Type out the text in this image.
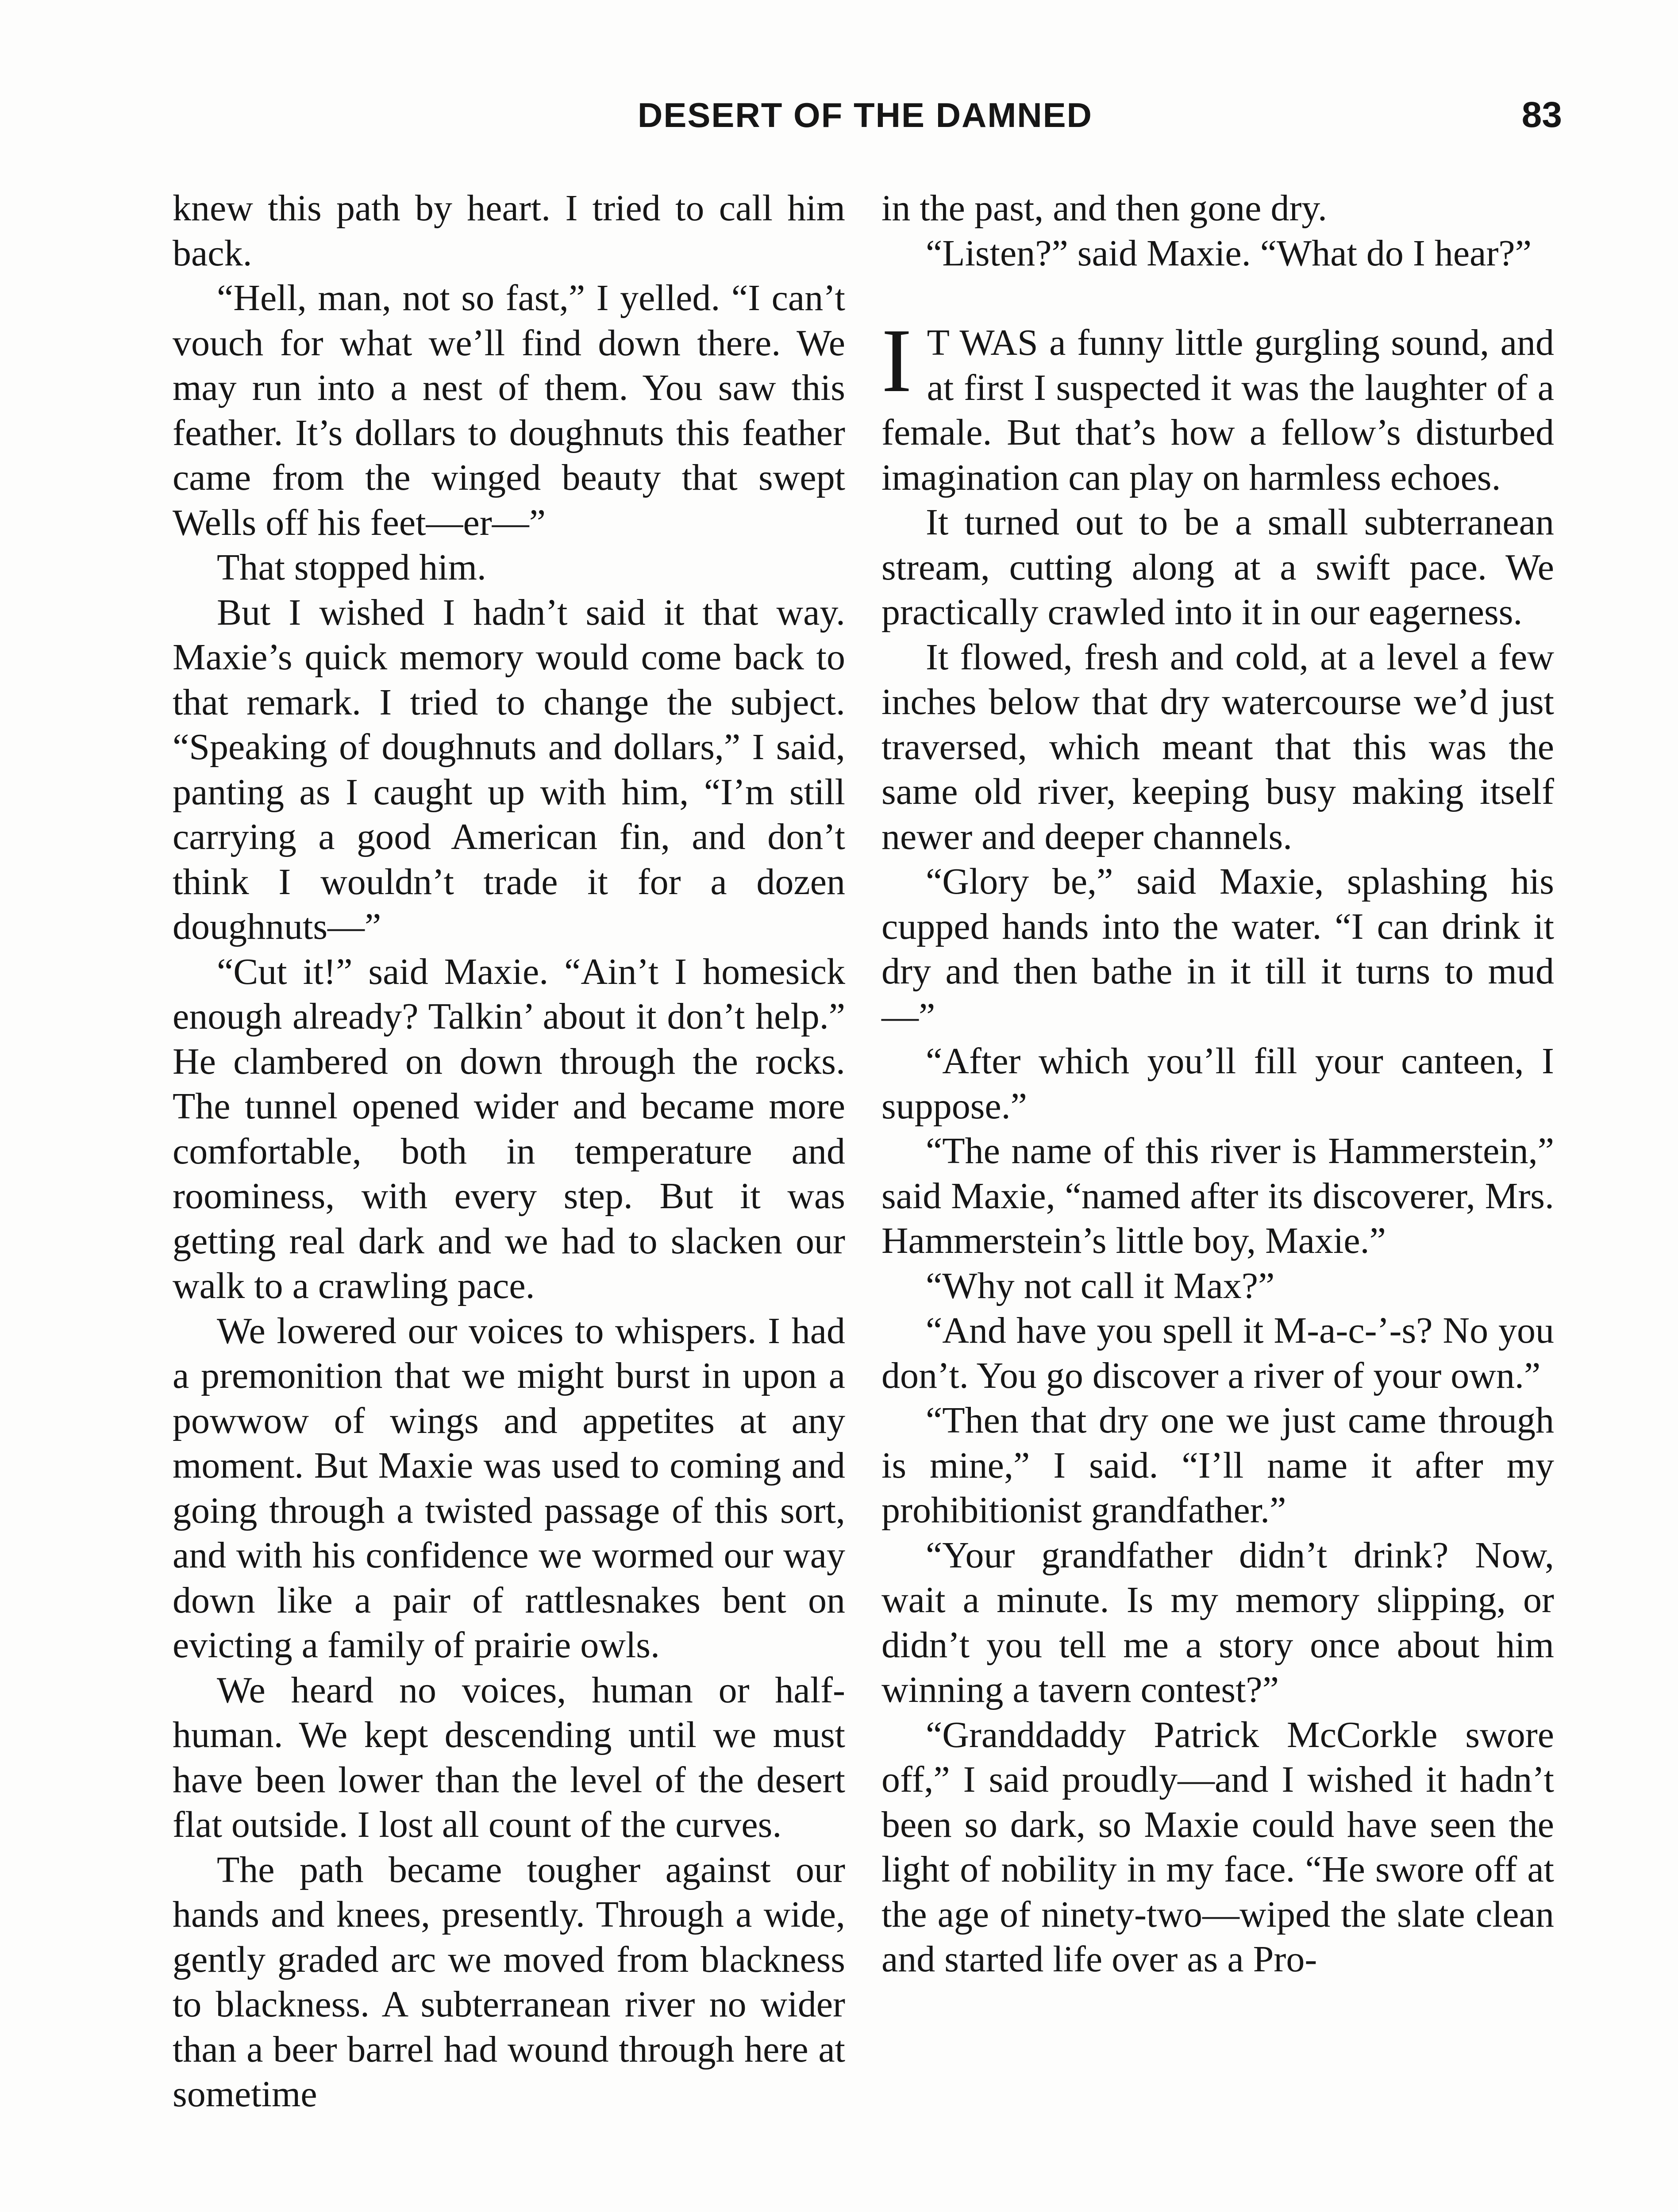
DESERT OF THE DAMNED	83

knew this path by heart. I tried to call him back.

“Hell, man, not so fast,” I yelled. “I can’t vouch for what we’ll find down there. We may run into a nest of them. You saw this feather. It’s dollars to doughnuts this feather came from the winged beauty that swept Wells off his feet—er—”

That stopped him.

But I wished I hadn’t said it that way. Maxie’s quick memory would come back to that remark. I tried to change the subject. “Speaking of doughnuts and dollars,” I said, panting as I caught up with him, “I’m still carrying a good American fin, and don’t think I wouldn’t trade it for a dozen doughnuts—”

“Cut it!” said Maxie. “Ain’t I homesick enough already? Talkin’ about it don’t help.” He clambered on down through the rocks. The tunnel opened wider and became more comfortable, both in temperature and roominess, with every step. But it was getting real dark and we had to slacken our walk to a crawling pace.

We lowered our voices to whispers. I had a premonition that we might burst in upon a powwow of wings and appetites at any moment. But Maxie was used to coming and going through a twisted passage of this sort, and with his confidence we wormed our way down like a pair of rattlesnakes bent on evicting a family of prairie owls.

We heard no voices, human or half-human. We kept descending until we must have been lower than the level of the desert flat outside. I lost all count of the curves.

The path became tougher against our hands and knees, presently. Through a wide, gently graded arc we moved from blackness to blackness. A subterranean river no wider than a beer barrel had wound through here at sometime

in the past, and then gone dry.

“Listen?” said Maxie. “What do I hear?”

I T WAS a funny little gurgling sound, and at first I suspected it was the laughter of a female. But that’s how a fellow’s disturbed imagination can play on harmless echoes.

It turned out to be a small subterranean stream, cutting along at a swift pace. We practically crawled into it in our eagerness.

It flowed, fresh and cold, at a level a few inches below that dry watercourse we’d just traversed, which meant that this was the same old river, keeping busy making itself newer and deeper channels.

“Glory be,” said Maxie, splashing his cupped hands into the water. “I can drink it dry and then bathe in it till it turns to mud—”

“After which you’ll fill your canteen, I suppose.”

“The name of this river is Hammerstein,” said Maxie, “named after its discoverer, Mrs. Hammerstein’s little boy, Maxie.”

“Why not call it Max?”

“And have you spell it M-a-c-’-s? No you don’t. You go discover a river of your own.”

“Then that dry one we just came through is mine,” I said. “I’ll name it after my prohibitionist grandfather.”

“Your grandfather didn’t drink? Now, wait a minute. Is my memory slipping, or didn’t you tell me a story once about him winning a tavern contest?”

“Granddaddy Patrick McCorkle swore off,” I said proudly—and I wished it hadn’t been so dark, so Maxie could have seen the light of nobility in my face. “He swore off at the age of ninety-two—wiped the slate clean and started life over as a Pro-
